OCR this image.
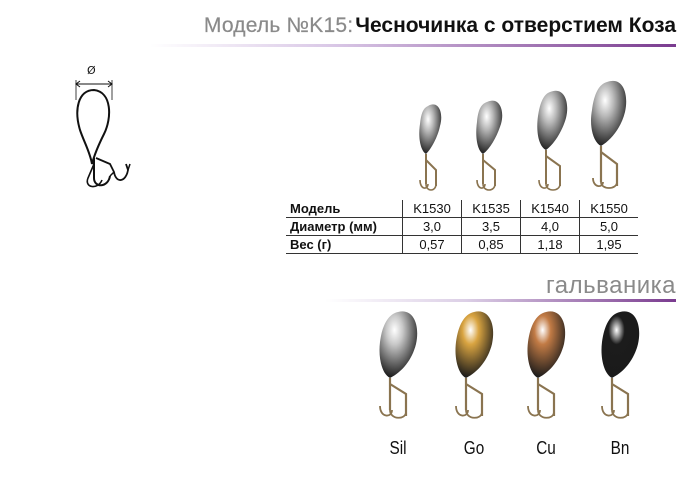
Модель №K15: Чесночинка с отверстием Коза
Ø
Модель	K1530	K1535	K1540	K1550
Диаметр (мм)	3,0	3,5	4,0	5,0
Вес (г)	0,57	0,85	1,18	1,95
гальваника
Sil	Go	Cu	Bn
